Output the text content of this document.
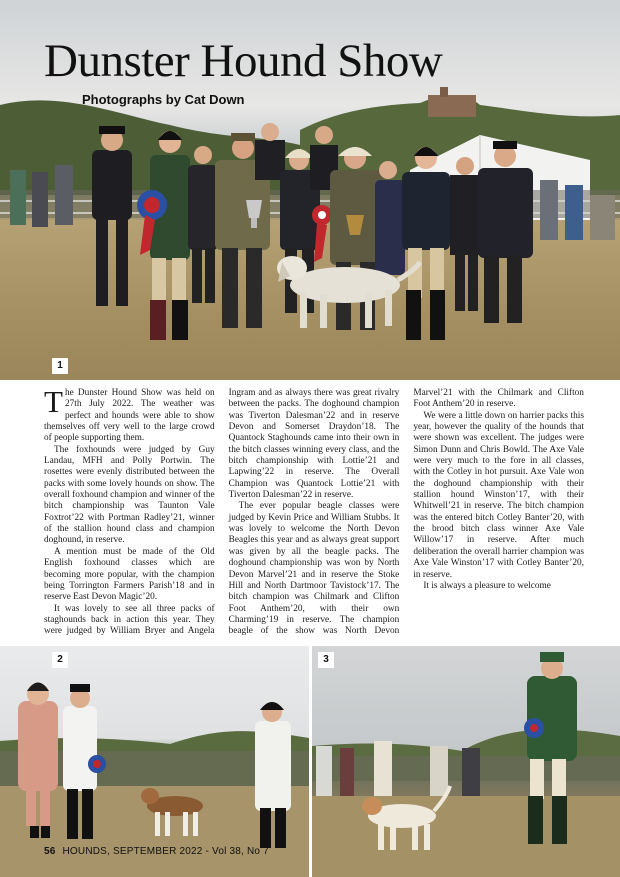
Dunster Hound Show
Photographs by Cat Down
1

The Dunster Hound Show was held on 27th July 2022. The weather was perfect and hounds were able to show themselves off very well to the large crowd of people supporting them.

The foxhounds were judged by Guy Landau, MFH and Polly Portwin. The rosettes were evenly distributed between the packs with some lovely hounds on show. The overall foxhound champion and winner of the bitch championship was Taunton Vale Foxtrot’22 with Portman Radley’21, winner of the stallion hound class and champion doghound, in reserve.

A mention must be made of the Old English foxhound classes which are becoming more popular, with the champion being Torrington Farmers Parish’18 and in reserve East Devon Magic’20.

It was lovely to see all three packs of staghounds back in action this year. They were judged by William Bryer and Angela Ingram and as always there was great rivalry between the packs. The doghound champion was Tiverton Dalesman’22 and in reserve Devon and Somerset Draydon’18. The Quantock Staghounds came into their own in the bitch classes winning every class, and the bitch championship with Lottie’21 and Lapwing’22 in reserve. The Overall Champion was Quantock Lottie’21 with Tiverton Dalesman’22 in reserve.

The ever popular beagle classes were judged by Kevin Price and William Stubbs. It was lovely to welcome the North Devon Beagles this year and as always great support was given by all the beagle packs. The doghound championship was won by North Devon Marvel’21 and in reserve the Stoke Hill and North Dartmoor Tavistock’17. The bitch champion was Chilmark and Clifton Foot Anthem’20, with their own Charming’19 in reserve. The champion beagle of the show was North Devon Marvel’21 with the Chilmark and Clifton Foot Anthem’20 in reserve.

We were a little down on harrier packs this year, however the quality of the hounds that were shown was excellent. The judges were Simon Dunn and Chris Bowld. The Axe Vale were very much to the fore in all classes, with the Cotley in hot pursuit. Axe Vale won the doghound championship with their stallion hound Winston’17, with their Whitwell’21 in reserve. The bitch champion was the entered bitch Cotley Banter’20, with the brood bitch class winner Axe Vale Willow’17 in reserve. After much deliberation the overall harrier champion was Axe Vale Winston’17 with Cotley Banter’20, in reserve.

It is always a pleasure to welcome

2	3
56 HOUNDS, SEPTEMBER 2022 - Vol 38, No 7
